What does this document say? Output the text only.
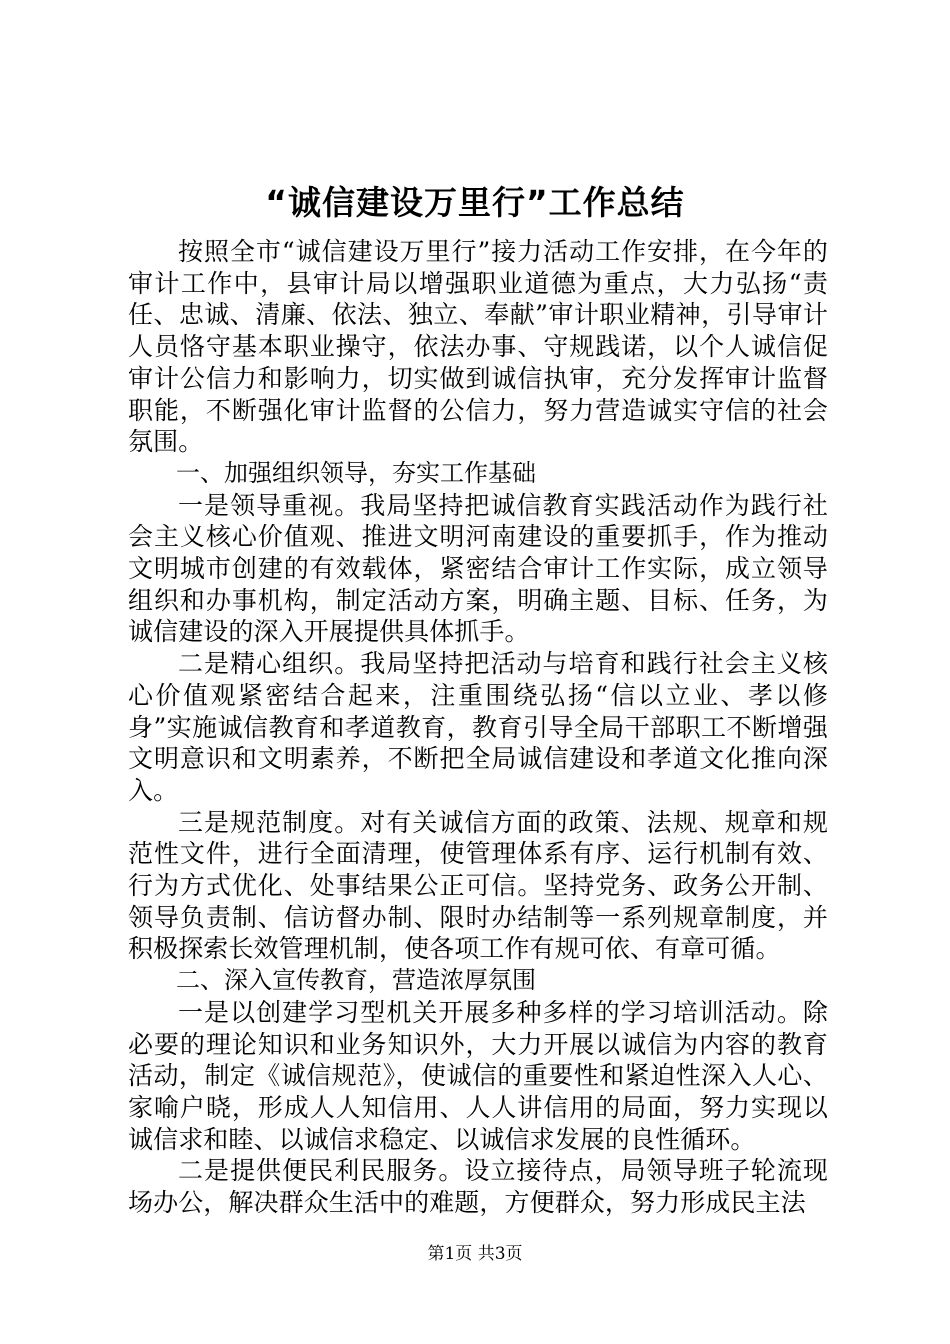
“诚信建设万里行”工作总结

按照全市“诚信建设万里行”接力活动工作安排，在今年的审计工作中，县审计局以增强职业道德为重点，大力弘扬“责任、忠诚、清廉、依法、独立、奉献”审计职业精神，引导审计人员恪守基本职业操守，依法办事、守规践诺，以个人诚信促审计公信力和影响力，切实做到诚信执审，充分发挥审计监督职能，不断强化审计监督的公信力，努力营造诚实守信的社会氛围。

一、加强组织领导，夯实工作基础

一是领导重视。我局坚持把诚信教育实践活动作为践行社会主义核心价值观、推进文明河南建设的重要抓手，作为推动文明城市创建的有效载体，紧密结合审计工作实际，成立领导组织和办事机构，制定活动方案，明确主题、目标、任务，为诚信建设的深入开展提供具体抓手。

二是精心组织。我局坚持把活动与培育和践行社会主义核心价值观紧密结合起来，注重围绕弘扬“信以立业、孝以修身”实施诚信教育和孝道教育，教育引导全局干部职工不断增强文明意识和文明素养，不断把全局诚信建设和孝道文化推向深入。

三是规范制度。对有关诚信方面的政策、法规、规章和规范性文件，进行全面清理，使管理体系有序、运行机制有效、行为方式优化、处事结果公正可信。坚持党务、政务公开制、领导负责制、信访督办制、限时办结制等一系列规章制度，并积极探索长效管理机制，使各项工作有规可依、有章可循。

二、深入宣传教育，营造浓厚氛围

一是以创建学习型机关开展多种多样的学习培训活动。除必要的理论知识和业务知识外，大力开展以诚信为内容的教育活动，制定《诚信规范》，使诚信的重要性和紧迫性深入人心、家喻户晓，形成人人知信用、人人讲信用的局面，努力实现以诚信求和睦、以诚信求稳定、以诚信求发展的良性循环。

二是提供便民利民服务。设立接待点，局领导班子轮流现场办公，解决群众生活中的难题，方便群众，努力形成民主法

第1页 共3页
